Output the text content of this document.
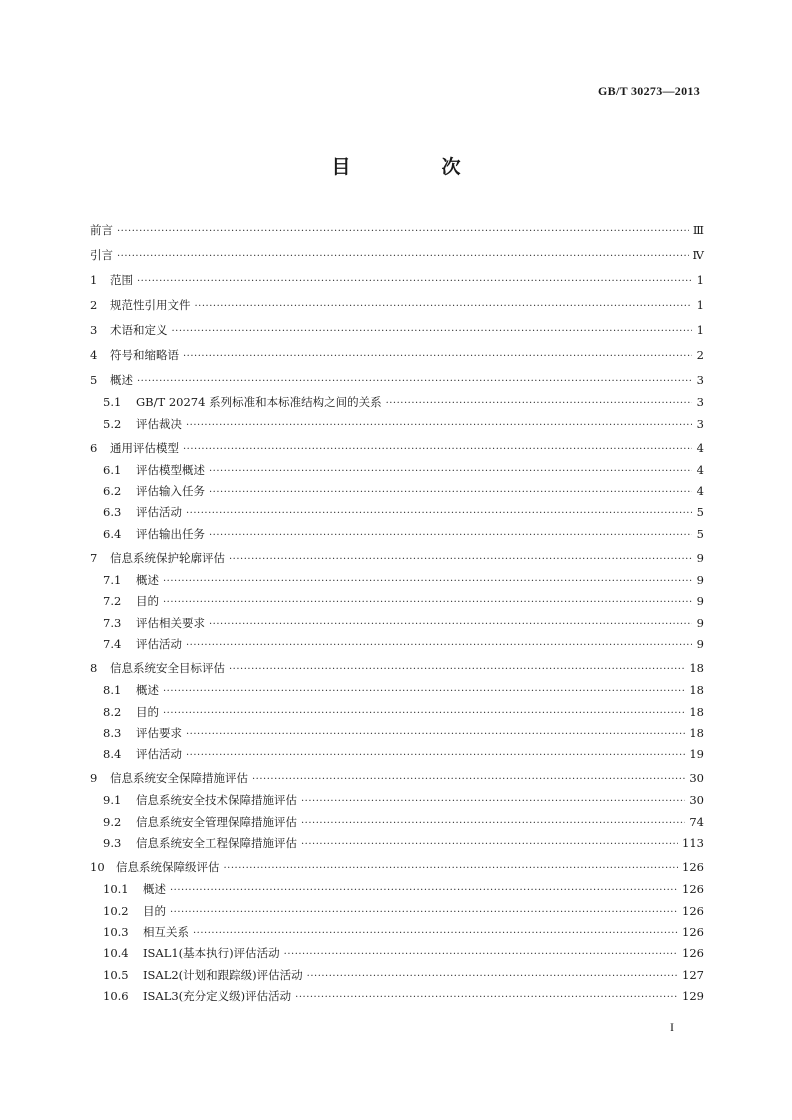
GB/T 30273—2013
目　次
前言 ·····	Ⅲ
引言 ·····	Ⅳ
1	范围 ·····	1
2	规范性引用文件 ·····	1
3	术语和定义 ·····	1
4	符号和缩略语 ·····	2
5	概述 ·····	3
5.1	GB/T 20274 系列标准和本标准结构之间的关系 ·····	3
5.2	评估裁决 ·····	3
6	通用评估模型 ·····	4
6.1	评估模型概述 ·····	4
6.2	评估输入任务 ·····	4
6.3	评估活动 ·····	5
6.4	评估输出任务 ·····	5
7	信息系统保护轮廓评估 ·····	9
7.1	概述 ·····	9
7.2	目的 ·····	9
7.3	评估相关要求 ·····	9
7.4	评估活动 ·····	9
8	信息系统安全目标评估 ·····	18
8.1	概述 ·····	18
8.2	目的 ·····	18
8.3	评估要求 ·····	18
8.4	评估活动 ·····	19
9	信息系统安全保障措施评估 ·····	30
9.1	信息系统安全技术保障措施评估 ·····	30
9.2	信息系统安全管理保障措施评估 ·····	74
9.3	信息系统安全工程保障措施评估 ·····	113
10 信息系统保障级评估 ·····	126
10.1	概述 ·····	126
10.2	目的 ·····	126
10.3	相互关系 ·····	126
10.4	ISAL1(基本执行)评估活动 ·····	126
10.5	ISAL2(计划和跟踪级)评估活动 ·····	127
10.6	ISAL3(充分定义级)评估活动 ·····	129
I
